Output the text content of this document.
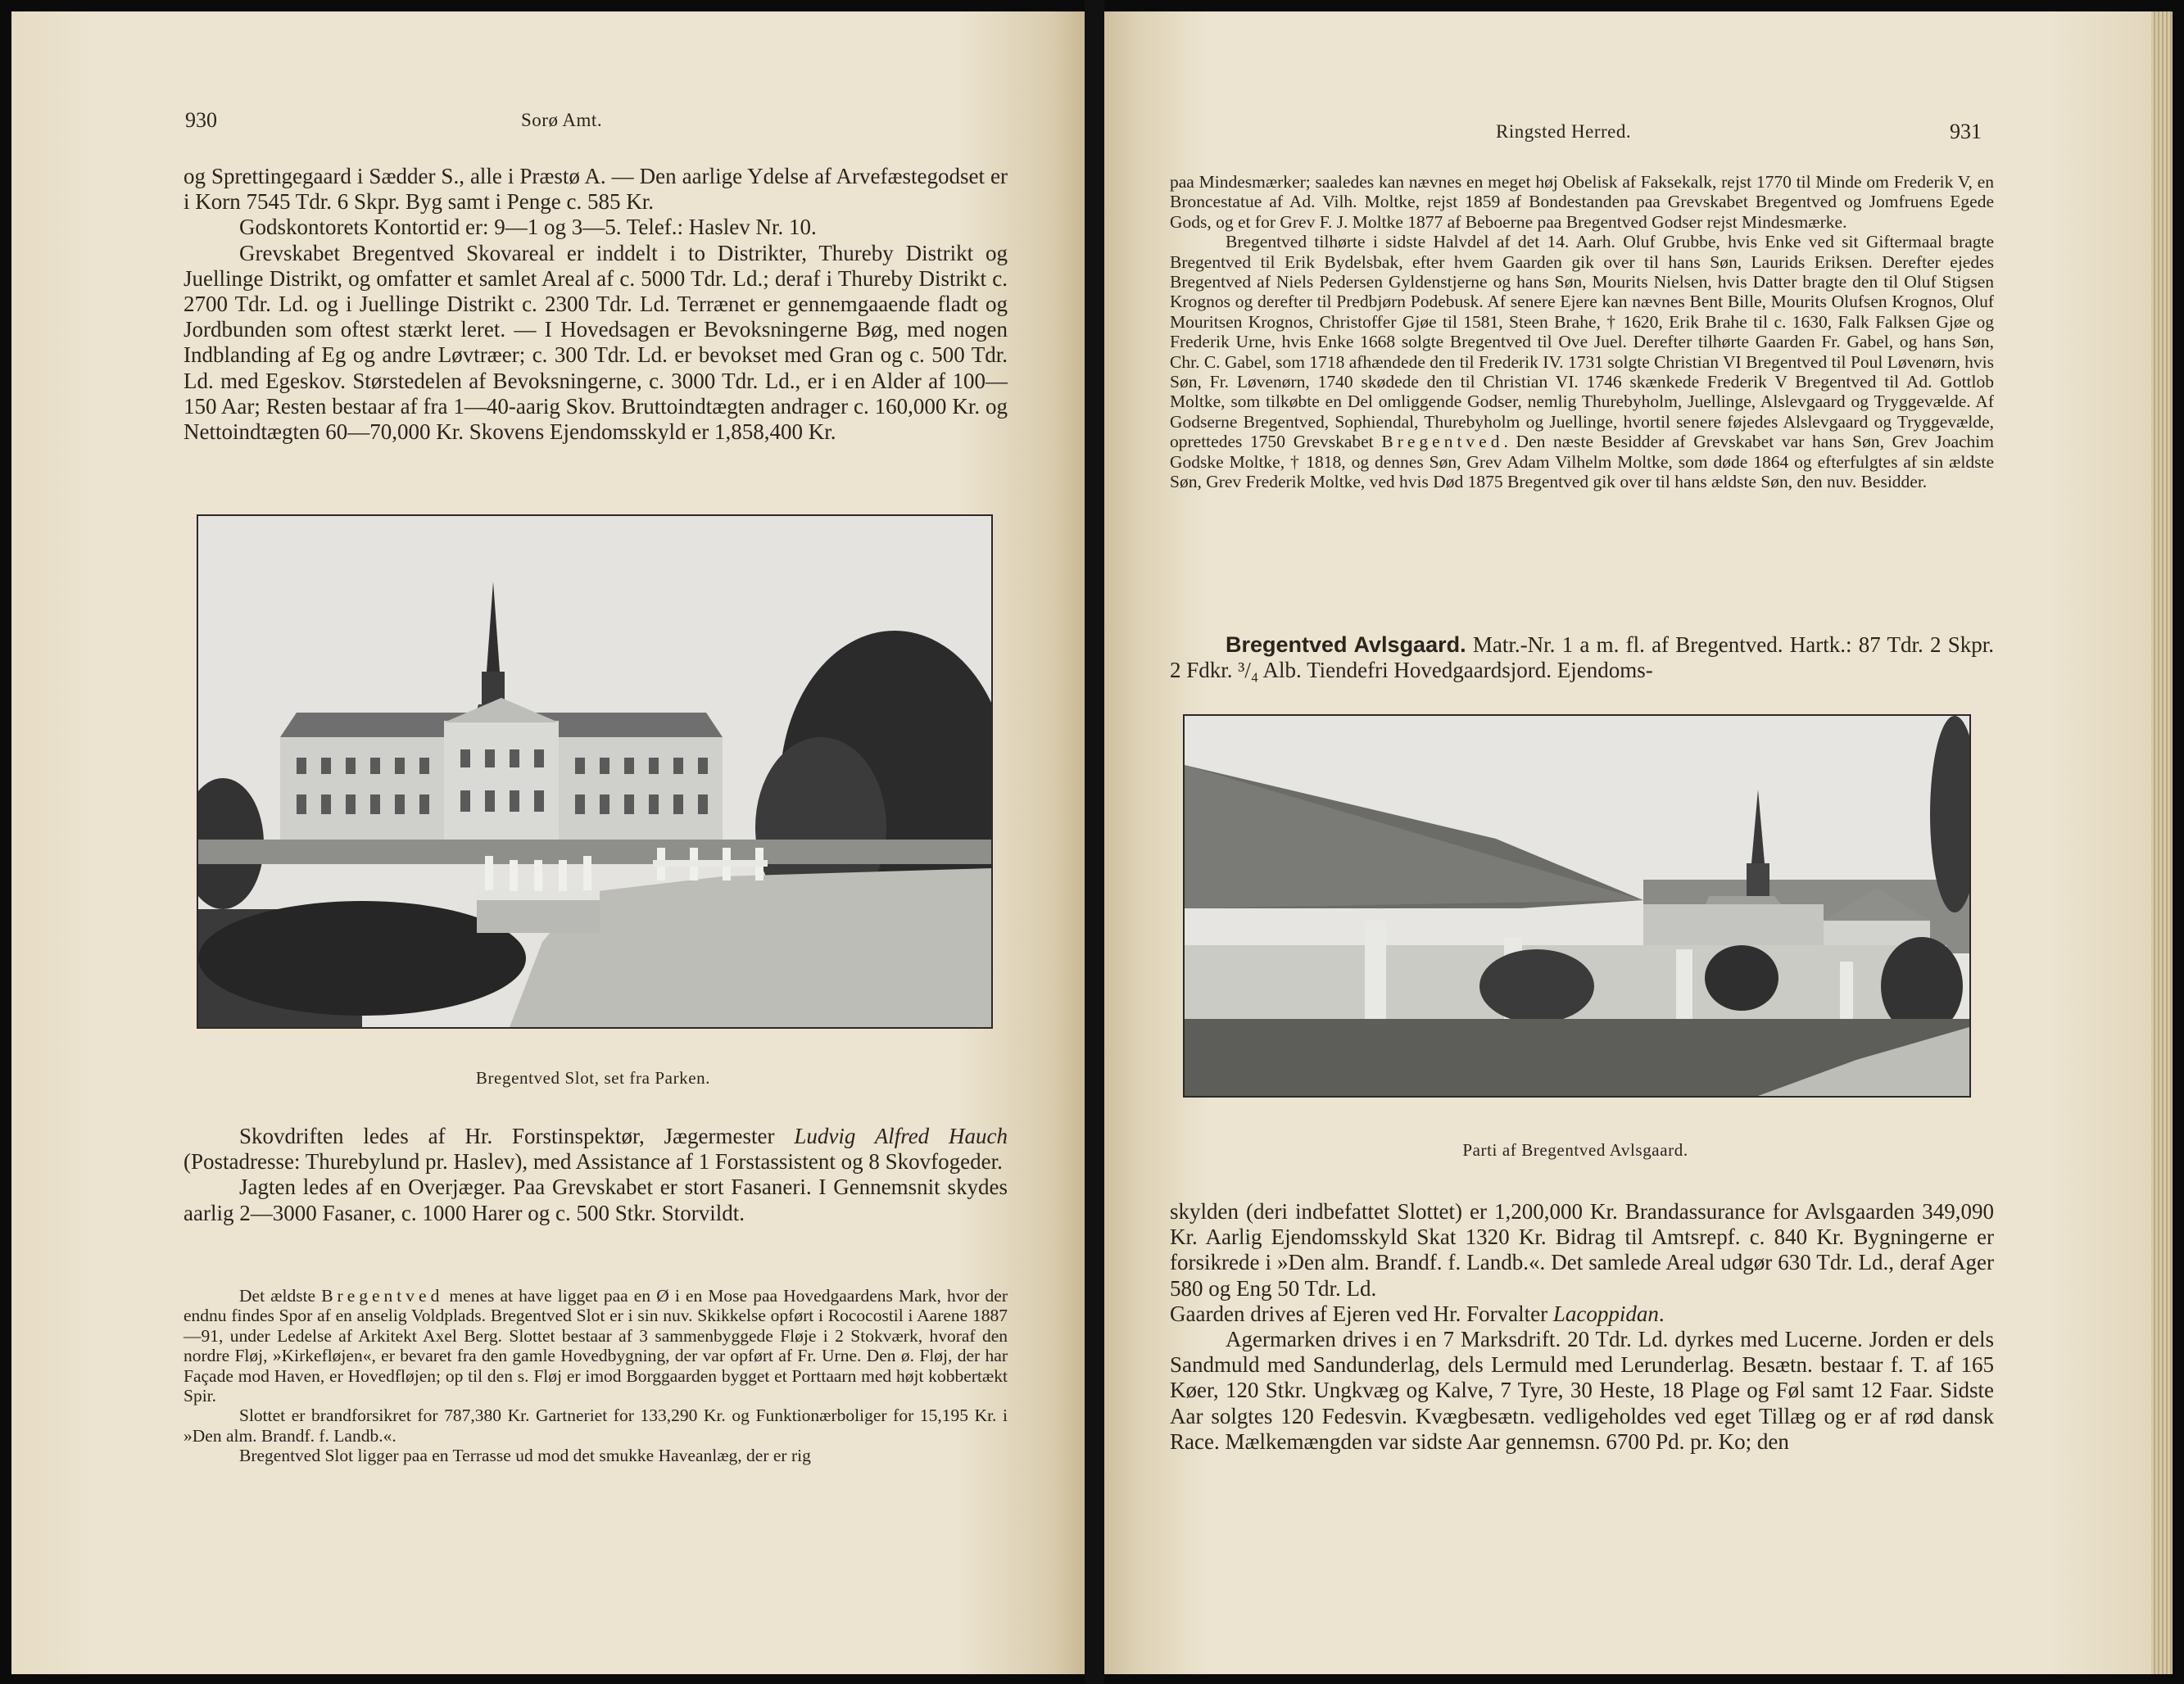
930	Sorø Amt.

og Sprettingegaard i Sædder S., alle i Præstø A. — Den aarlige Ydelse af Arvefæstegodset er i Korn 7545 Tdr. 6 Skpr. Byg samt i Penge c. 585 Kr.

Godskontorets Kontortid er: 9—1 og 3—5. Telef.: Haslev Nr. 10.

Grevskabet Bregentved Skovareal er inddelt i to Distrikter, Thureby Distrikt og Juellinge Distrikt, og omfatter et samlet Areal af c. 5000 Tdr. Ld.; deraf i Thureby Distrikt c. 2700 Tdr. Ld. og i Juellinge Distrikt c. 2300 Tdr. Ld. Terrænet er gennemgaaende fladt og Jordbunden som oftest stærkt leret. — I Hovedsagen er Bevoksningerne Bøg, med nogen Indblanding af Eg og andre Løvtræer; c. 300 Tdr. Ld. er bevokset med Gran og c. 500 Tdr. Ld. med Egeskov. Størstedelen af Bevoksningerne, c. 3000 Tdr. Ld., er i en Alder af 100—150 Aar; Resten bestaar af fra 1—40-aarig Skov. Bruttoindtægten andrager c. 160,000 Kr. og Nettoindtægten 60—70,000 Kr. Skovens Ejendomsskyld er 1,858,400 Kr.

Bregentved Slot, set fra Parken.

Skovdriften ledes af Hr. Forstinspektør, Jægermester Ludvig Alfred Hauch (Postadresse: Thurebylund pr. Haslev), med Assistance af 1 Forstassistent og 8 Skovfogeder.

Jagten ledes af en Overjæger. Paa Grevskabet er stort Fasaneri. I Gennemsnit skydes aarlig 2—3000 Fasaner, c. 1000 Harer og c. 500 Stkr. Storvildt.

Det ældste Bregentved menes at have ligget paa en Ø i en Mose paa Hovedgaardens Mark, hvor der endnu findes Spor af en anselig Voldplads. Bregentved Slot er i sin nuv. Skikkelse opført i Rococostil i Aarene 1887—91, under Ledelse af Arkitekt Axel Berg. Slottet bestaar af 3 sammenbyggede Fløje i 2 Stokværk, hvoraf den nordre Fløj, »Kirkefløjen«, er bevaret fra den gamle Hovedbygning, der var opført af Fr. Urne. Den ø. Fløj, der har Façade mod Haven, er Hovedfløjen; op til den s. Fløj er imod Borggaarden bygget et Porttaarn med højt kobbertækt Spir.

Slottet er brandforsikret for 787,380 Kr. Gartneriet for 133,290 Kr. og Funktionærboliger for 15,195 Kr. i »Den alm. Brandf. f. Landb.«.

Bregentved Slot ligger paa en Terrasse ud mod det smukke Haveanlæg, der er rig

Ringsted Herred.	931

paa Mindesmærker; saaledes kan nævnes en meget høj Obelisk af Faksekalk, rejst 1770 til Minde om Frederik V, en Broncestatue af Ad. Vilh. Moltke, rejst 1859 af Bondestanden paa Grevskabet Bregentved og Jomfruens Egede Gods, og et for Grev F. J. Moltke 1877 af Beboerne paa Bregentved Godser rejst Mindesmærke.

Bregentved tilhørte i sidste Halvdel af det 14. Aarh. Oluf Grubbe, hvis Enke ved sit Giftermaal bragte Bregentved til Erik Bydelsbak, efter hvem Gaarden gik over til hans Søn, Laurids Eriksen. Derefter ejedes Bregentved af Niels Pedersen Gyldenstjerne og hans Søn, Mourits Nielsen, hvis Datter bragte den til Oluf Stigsen Krognos og derefter til Predbjørn Podebusk. Af senere Ejere kan nævnes Bent Bille, Mourits Olufsen Krognos, Oluf Mouritsen Krognos, Christoffer Gjøe til 1581, Steen Brahe, † 1620, Erik Brahe til c. 1630, Falk Falksen Gjøe og Frederik Urne, hvis Enke 1668 solgte Bregentved til Ove Juel. Derefter tilhørte Gaarden Fr. Gabel, og hans Søn, Chr. C. Gabel, som 1718 afhændede den til Frederik IV. 1731 solgte Christian VI Bregentved til Poul Løvenørn, hvis Søn, Fr. Løvenørn, 1740 skødede den til Christian VI. 1746 skænkede Frederik V Bregentved til Ad. Gottlob Moltke, som tilkøbte en Del omliggende Godser, nemlig Thurebyholm, Juellinge, Alslevgaard og Tryggevælde. Af Godserne Bregentved, Sophiendal, Thurebyholm og Juellinge, hvortil senere føjedes Alslevgaard og Tryggevælde, oprettedes 1750 Grevskabet Bregentved. Den næste Besidder af Grevskabet var hans Søn, Grev Joachim Godske Moltke, † 1818, og dennes Søn, Grev Adam Vilhelm Moltke, som døde 1864 og efterfulgtes af sin ældste Søn, Grev Frederik Moltke, ved hvis Død 1875 Bregentved gik over til hans ældste Søn, den nuv. Besidder.

Bregentved Avlsgaard. Matr.-Nr. 1 a m. fl. af Bregentved. Hartk.: 87 Tdr. 2 Skpr. 2 Fdkr. ³/₄ Alb. Tiendefri Hovedgaardsjord. Ejendoms-

Parti af Bregentved Avlsgaard.

skylden (deri indbefattet Slottet) er 1,200,000 Kr. Brandassurance for Avlsgaarden 349,090 Kr. Aarlig Ejendomsskyld Skat 1320 Kr. Bidrag til Amtsrepf. c. 840 Kr. Bygningerne er forsikrede i »Den alm. Brandf. f. Landb.«. Det samlede Areal udgør 630 Tdr. Ld., deraf Ager 580 og Eng 50 Tdr. Ld.

Gaarden drives af Ejeren ved Hr. Forvalter Lacoppidan.

Agermarken drives i en 7 Marksdrift. 20 Tdr. Ld. dyrkes med Lucerne. Jorden er dels Sandmuld med Sandunderlag, dels Lermuld med Lerunderlag. Besætn. bestaar f. T. af 165 Køer, 120 Stkr. Ungkvæg og Kalve, 7 Tyre, 30 Heste, 18 Plage og Føl samt 12 Faar. Sidste Aar solgtes 120 Fedesvin. Kvægbesætn. vedligeholdes ved eget Tillæg og er af rød dansk Race. Mælkemængden var sidste Aar gennemsn. 6700 Pd. pr. Ko; den
